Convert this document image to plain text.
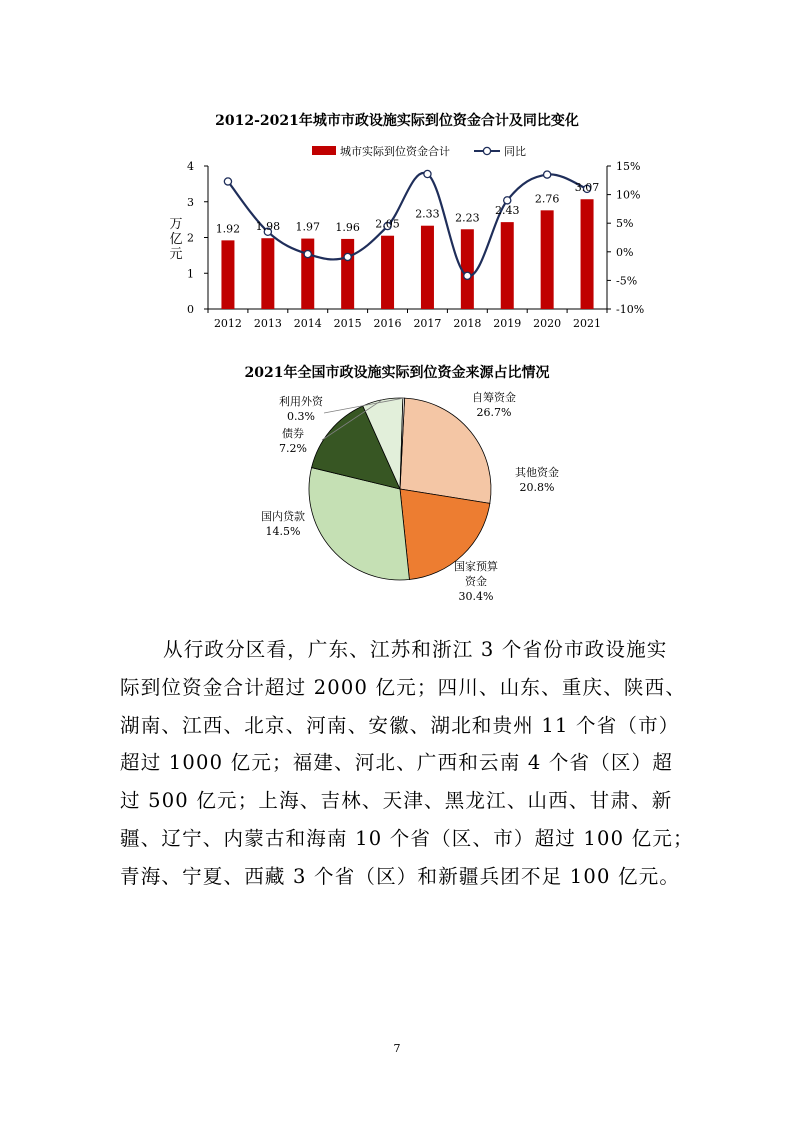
2012-2021年城市市政设施实际到位资金合计及同比变化
城市实际到位资金合计	同比
0
1
2
3
4	15%
10%
5%
0%
-5%
-10%
2012 2013 2014 2015 2016 2017 2018 2019 2020 2021
1.92 1.98 1.97 1.96 2.05
2.33 2.23
2.43
2.76
3.07
万亿元
2021年全国市政设施实际到位资金来源占比情况
自筹资金
26.7%
其他资金
20.8%
国家预算
资金
30.4%
国内贷款
14.5%
债券
7.2%
利用外资
0.3%
从行政分区看，广东、江苏和浙江 3 个省份市政设施实
际到位资金合计超过 2000 亿元；四川、山东、重庆、陕西、
湖南、江西、北京、河南、安徽、湖北和贵州 11 个省（市）
超过 1000 亿元；福建、河北、广西和云南 4 个省（区）超
过 500 亿元；上海、吉林、天津、黑龙江、山西、甘肃、新
疆、辽宁、内蒙古和海南 10 个省（区、市）超过 100 亿元；
青海、宁夏、西藏 3 个省（区）和新疆兵团不足 100 亿元。
7
